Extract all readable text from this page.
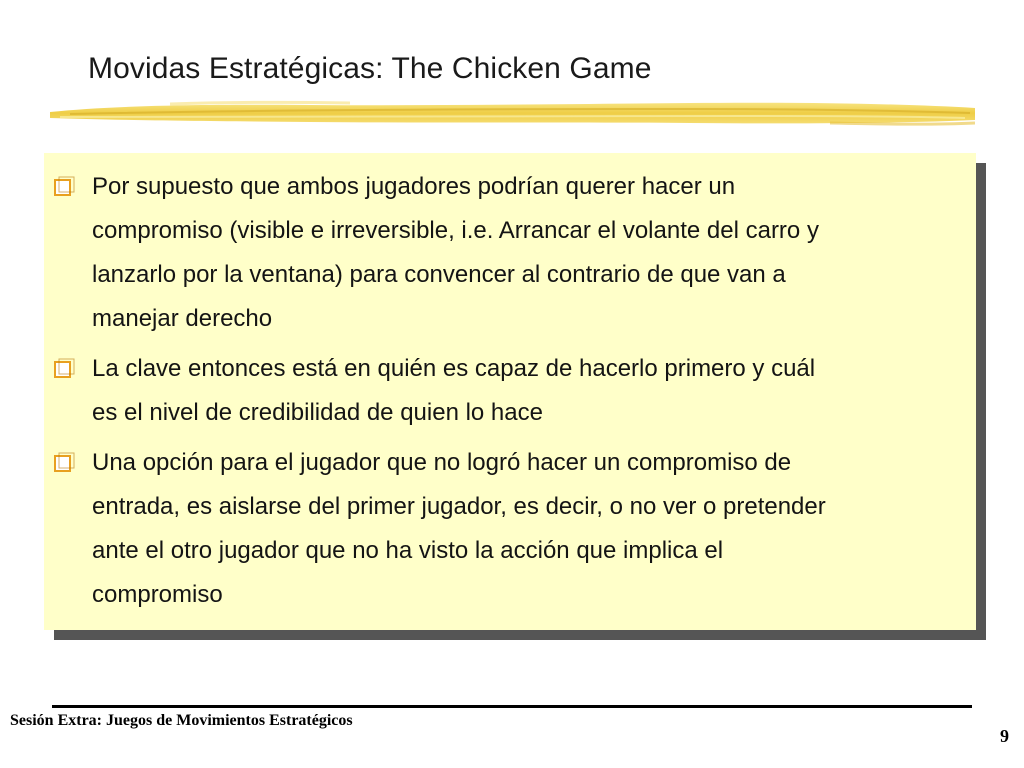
Movidas Estratégicas: The Chicken Game
Por supuesto que ambos jugadores podrían querer hacer un
compromiso (visible e irreversible, i.e. Arrancar el volante del carro y
lanzarlo por la ventana) para convencer al contrario de que van a
manejar derecho
La clave entonces está en quién es capaz de hacerlo primero y cuál
es el nivel de credibilidad de quien lo hace
Una opción para el jugador que no logró hacer un compromiso de
entrada, es aislarse del primer jugador, es decir, o no ver o pretender
ante el otro jugador que no ha visto la acción que implica el
compromiso
Sesión Extra: Juegos de Movimientos Estratégicos
9
